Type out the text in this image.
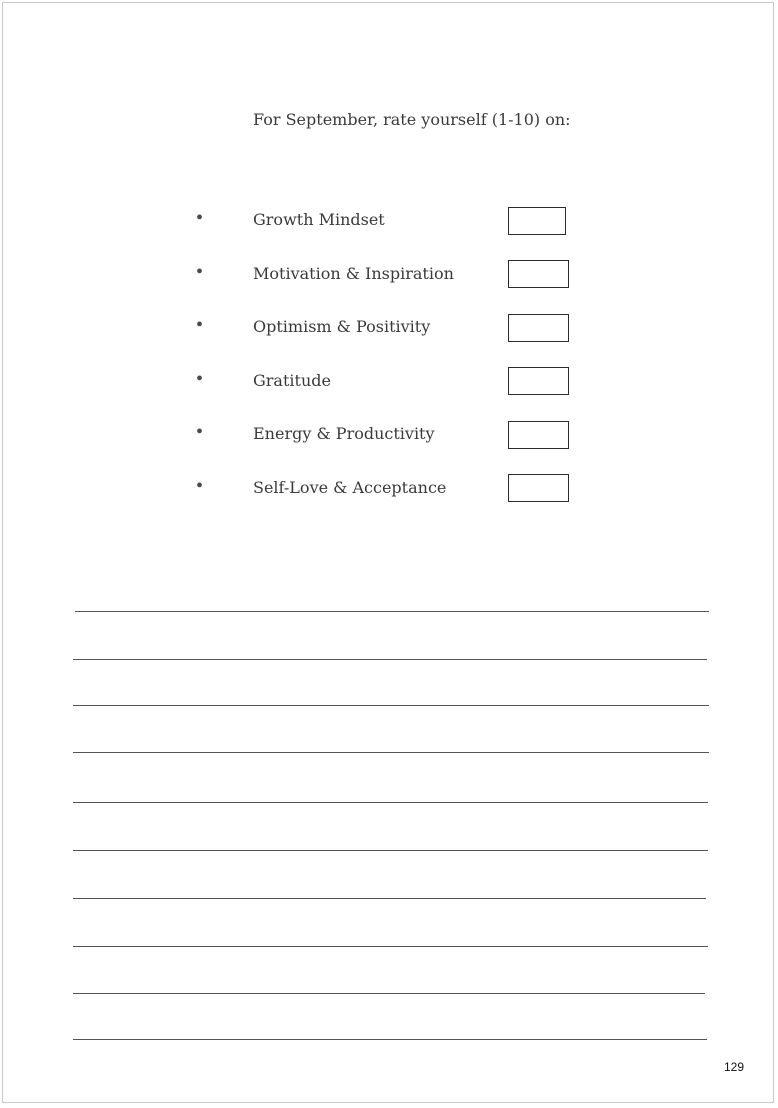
For September, rate yourself (1-10) on:
•	Growth Mindset
•	Motivation & Inspiration
•	Optimism & Positivity
•	Gratitude
•	Energy & Productivity
•	Self-Love & Acceptance
129
